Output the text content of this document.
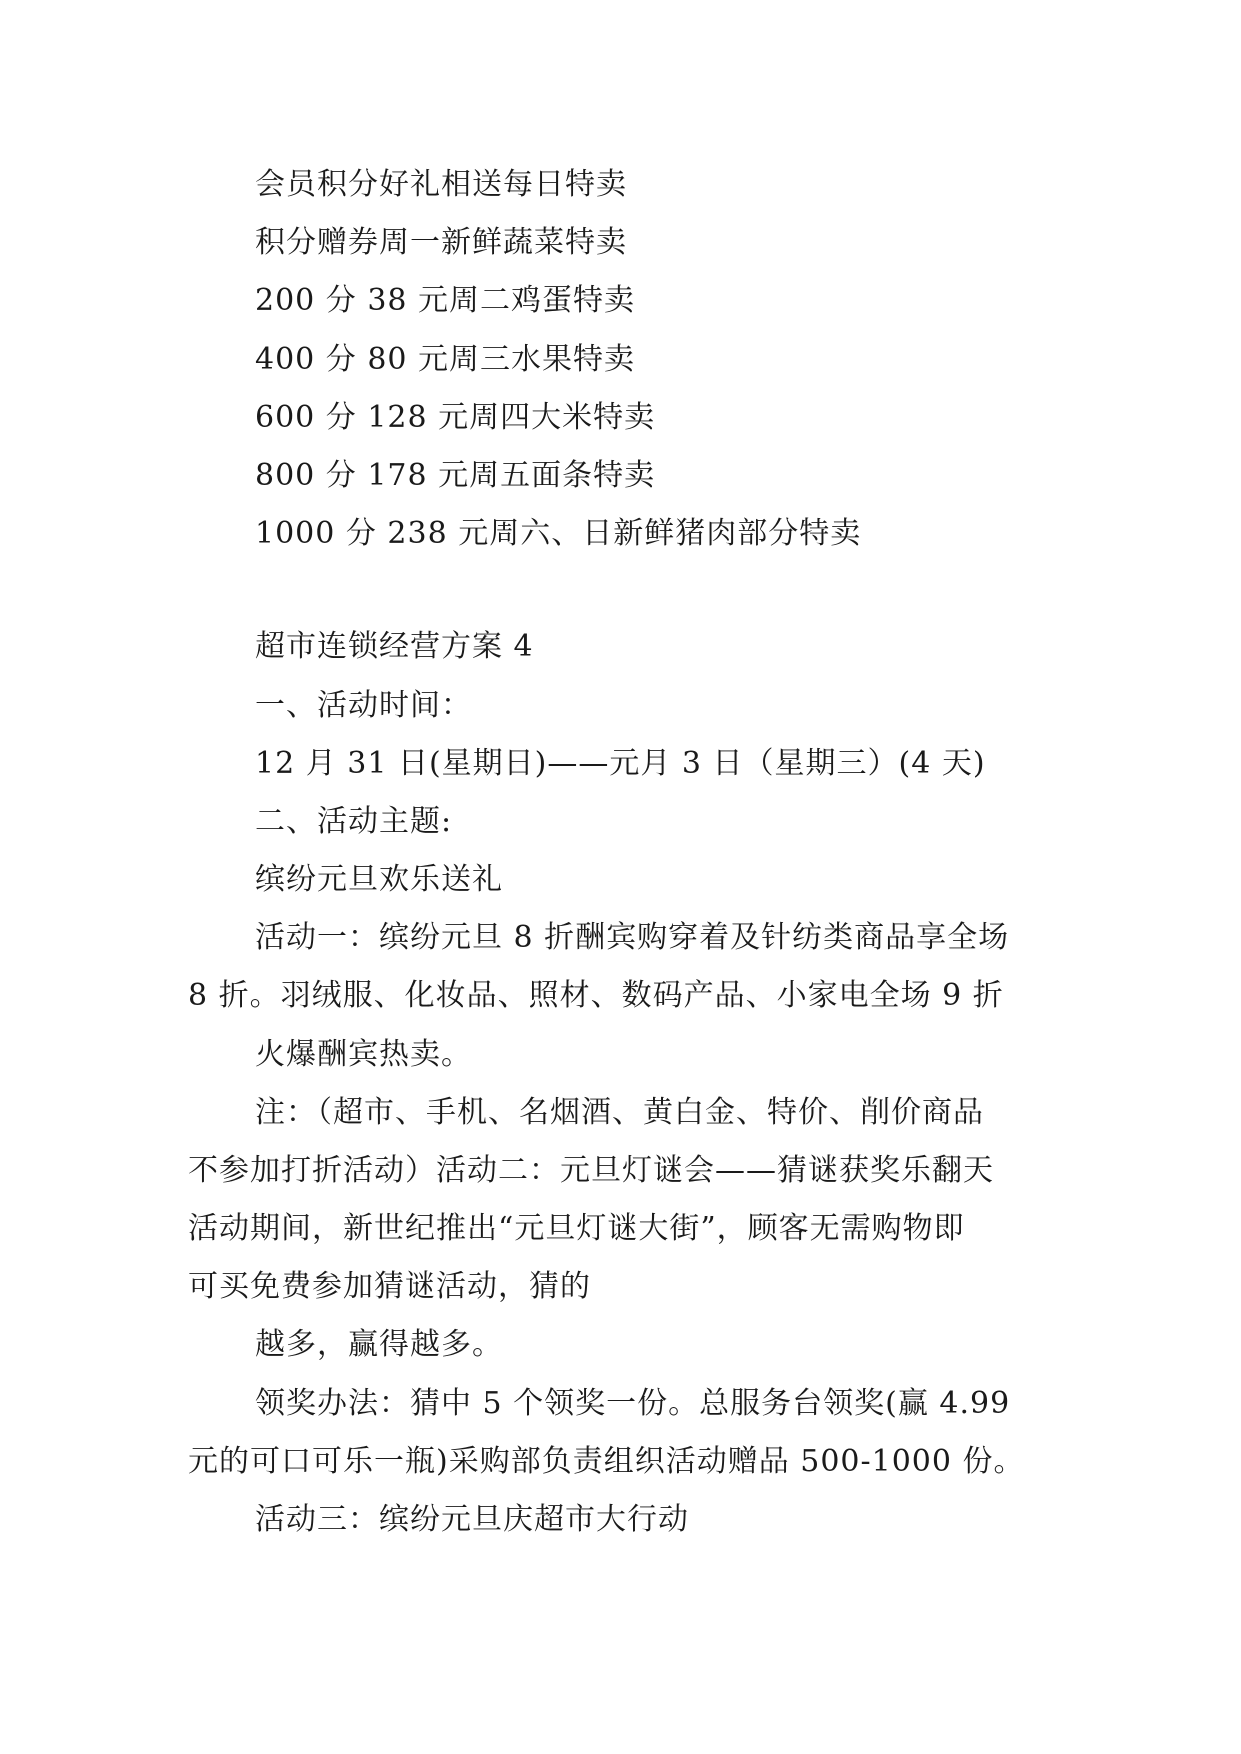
会员积分好礼相送每日特卖
积分赠券周一新鲜蔬菜特卖
200 分 38 元周二鸡蛋特卖
400 分 80 元周三水果特卖
600 分 128 元周四大米特卖
800 分 178 元周五面条特卖
1000 分 238 元周六、日新鲜猪肉部分特卖
超市连锁经营方案 4
一、活动时间：
12 月 31 日(星期日)——元月 3 日（星期三）(4 天)
二、活动主题:
缤纷元旦欢乐送礼
活动一：缤纷元旦 8 折酬宾购穿着及针纺类商品享全场
8 折。羽绒服、化妆品、照材、数码产品、小家电全场 9 折
火爆酬宾热卖。
注：（超市、手机、名烟酒、黄白金、特价、削价商品
不参加打折活动）活动二：元旦灯谜会——猜谜获奖乐翻天
活动期间，新世纪推出“元旦灯谜大街”，顾客无需购物即
可买免费参加猜谜活动，猜的
越多，赢得越多。
领奖办法：猜中 5 个领奖一份。总服务台领奖(赢 4.99
元的可口可乐一瓶)采购部负责组织活动赠品 500-1000 份。
活动三：缤纷元旦庆超市大行动
